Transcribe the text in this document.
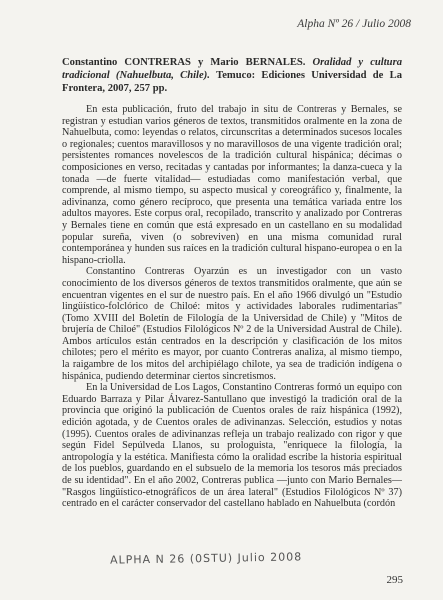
Alpha Nº 26 / Julio 2008
Constantino CONTRERAS y Mario BERNALES. Oralidad y cultura tradicional (Nahuelbuta, Chile). Temuco: Ediciones Universidad de La Frontera, 2007, 257 pp.

En esta publicación, fruto del trabajo in situ de Contreras y Bernales, se registran y estudian varios géneros de textos, transmitidos oralmente en la zona de Nahuelbuta, como: leyendas o relatos, circunscritas a determinados sucesos locales o regionales; cuentos maravillosos y no maravillosos de una vigente tradición oral; persistentes romances novelescos de la tradición cultural hispánica; décimas o composiciones en verso, recitadas y cantadas por informantes; la danza-cueca y la tonada —de fuerte vitalidad— estudiadas como manifestación verbal, que comprende, al mismo tiempo, su aspecto musical y coreográfico y, finalmente, la adivinanza, como género recíproco, que presenta una temática variada entre los adultos mayores. Este corpus oral, recopilado, transcrito y analizado por Contreras y Bernales tiene en común que está expresado en un castellano en su modalidad popular sureña, viven (o sobreviven) en una misma comunidad rural contemporánea y hunden sus raíces en la tradición cultural hispano-europea o en la hispano-criolla.

Constantino Contreras Oyarzún es un investigador con un vasto conocimiento de los diversos géneros de textos transmitidos oralmente, que aún se encuentran vigentes en el sur de nuestro país. En el año 1966 divulgó un "Estudio lingüístico-folclórico de Chiloé: mitos y actividades laborales rudimentarias" (Tomo XVIII del Boletín de Filología de la Universidad de Chile) y "Mitos de brujería de Chiloé" (Estudios Filológicos Nº 2 de la Universidad Austral de Chile). Ambos artículos están centrados en la descripción y clasificación de los mitos chilotes; pero el mérito es mayor, por cuanto Contreras analiza, al mismo tiempo, la raigambre de los mitos del archipiélago chilote, ya sea de tradición indígena o hispánica, pudiendo determinar ciertos sincretismos.

En la Universidad de Los Lagos, Constantino Contreras formó un equipo con Eduardo Barraza y Pilar Álvarez-Santullano que investigó la tradición oral de la provincia que originó la publicación de Cuentos orales de raíz hispánica (1992), edición agotada, y de Cuentos orales de adivinanzas. Selección, estudios y notas (1995). Cuentos orales de adivinanzas refleja un trabajo realizado con rigor y que según Fidel Sepúlveda Llanos, su prologuista, "enriquece la filología, la antropología y la estética. Manifiesta cómo la oralidad escribe la historia espiritual de los pueblos, guardando en el subsuelo de la memoria los tesoros más preciados de su identidad". En el año 2002, Contreras publica —junto con Mario Bernales— "Rasgos lingüístico-etnográficos de un área lateral" (Estudios Filológicos Nº 37) centrado en el carácter conservador del castellano hablado en Nahuelbuta (cordón

ALPHA N 26 (0STU) Julio 2008
295
